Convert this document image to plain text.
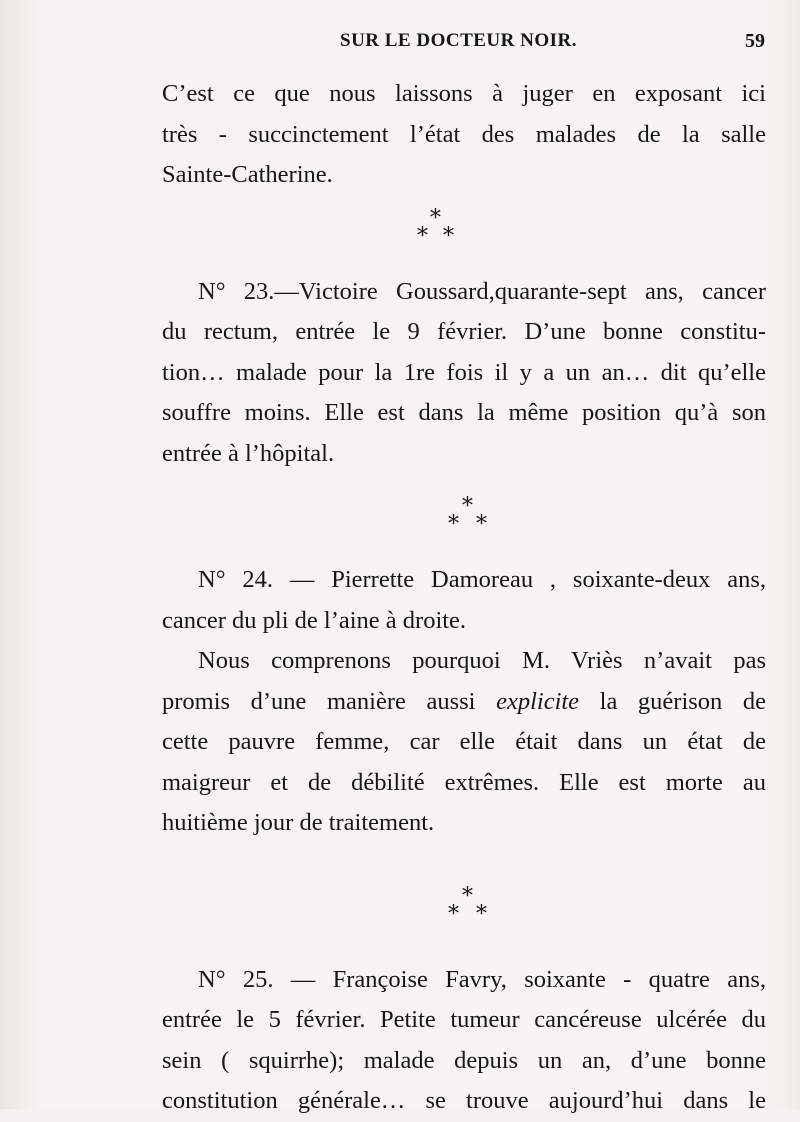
SUR LE DOCTEUR NOIR.	59
C’est ce que nous laissons à juger en exposant ici
très - succinctement l’état des malades de la salle
Sainte-Catherine.
*
* *
N° 23.—Victoire Goussard,quarante-sept ans, cancer
du rectum, entrée le 9 février. D’une bonne constitu-
tion… malade pour la 1re fois il y a un an… dit qu’elle
souffre moins. Elle est dans la même position qu’à son
entrée à l’hôpital.
*
* *
N° 24. — Pierrette Damoreau , soixante-deux ans,
cancer du pli de l’aine à droite.
Nous comprenons pourquoi M. Vriès n’avait pas
promis d’une manière aussi explicite la guérison de
cette pauvre femme, car elle était dans un état de
maigreur et de débilité extrêmes. Elle est morte au
huitième jour de traitement.
*
* *
N° 25. — Françoise Favry, soixante - quatre ans,
entrée le 5 février. Petite tumeur cancéreuse ulcérée du
sein ( squirrhe); malade depuis un an, d’une bonne
constitution générale… se trouve aujourd’hui dans le
